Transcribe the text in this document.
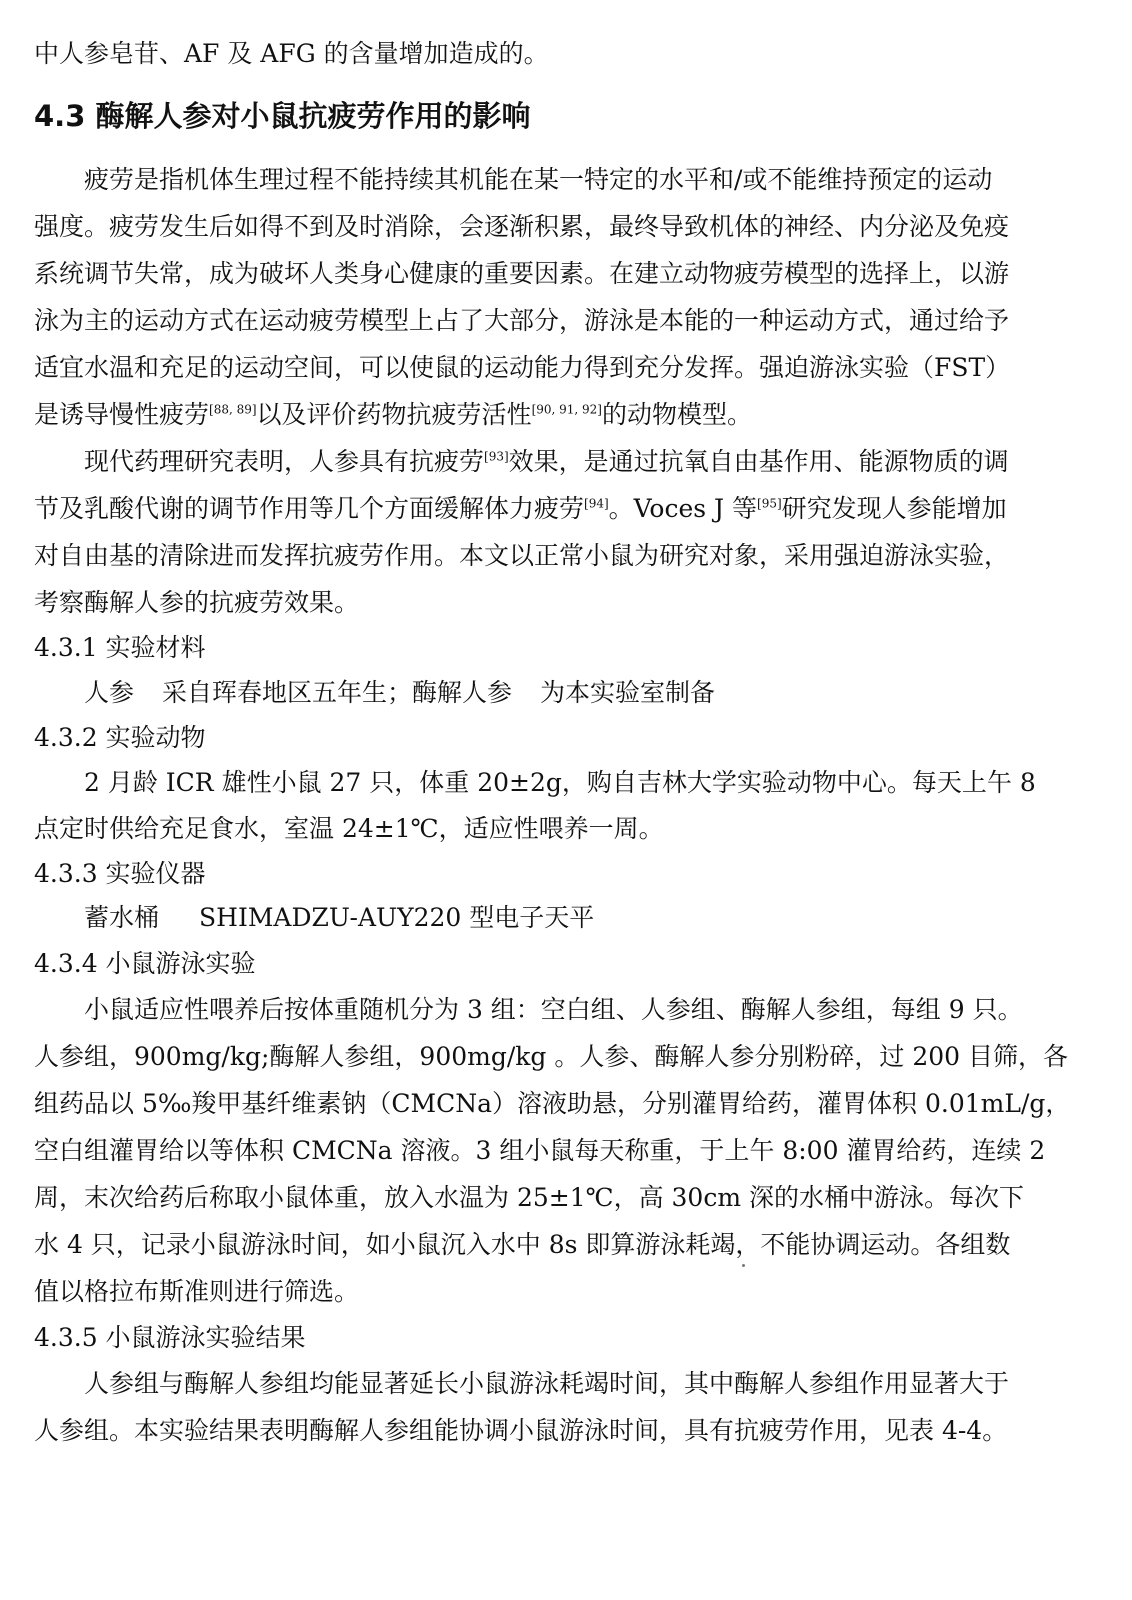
中人参皂苷、AF 及 AFG 的含量增加造成的。
4.3 酶解人参对小鼠抗疲劳作用的影响
疲劳是指机体生理过程不能持续其机能在某一特定的水平和/或不能维持预定的运动
强度。疲劳发生后如得不到及时消除，会逐渐积累，最终导致机体的神经、内分泌及免疫
系统调节失常，成为破坏人类身心健康的重要因素。在建立动物疲劳模型的选择上，以游
泳为主的运动方式在运动疲劳模型上占了大部分，游泳是本能的一种运动方式，通过给予
适宜水温和充足的运动空间，可以使鼠的运动能力得到充分发挥。强迫游泳实验（FST）
是诱导慢性疲劳[88, 89]以及评价药物抗疲劳活性[90, 91, 92]的动物模型。
现代药理研究表明，人参具有抗疲劳[93]效果，是通过抗氧自由基作用、能源物质的调
节及乳酸代谢的调节作用等几个方面缓解体力疲劳[94]。Voces J 等[95]研究发现人参能增加
对自由基的清除进而发挥抗疲劳作用。本文以正常小鼠为研究对象，采用强迫游泳实验，
考察酶解人参的抗疲劳效果。
4.3.1 实验材料
人参 采自珲春地区五年生；酶解人参 为本实验室制备
4.3.2 实验动物
2 月龄 ICR 雄性小鼠 27 只，体重 20±2g，购自吉林大学实验动物中心。每天上午 8
点定时供给充足食水，室温 24±1℃，适应性喂养一周。
4.3.3 实验仪器
蓄水桶 SHIMADZU-AUY220 型电子天平
4.3.4 小鼠游泳实验
小鼠适应性喂养后按体重随机分为 3 组：空白组、人参组、酶解人参组，每组 9 只。
人参组，900mg/kg;酶解人参组，900mg/kg 。人参、酶解人参分别粉碎，过 200 目筛，各
组药品以 5‰羧甲基纤维素钠（CMCNa）溶液助悬，分别灌胃给药，灌胃体积 0.01mL/g，
空白组灌胃给以等体积 CMCNa 溶液。3 组小鼠每天称重，于上午 8:00 灌胃给药，连续 2
周，末次给药后称取小鼠体重，放入水温为 25±1℃，高 30cm 深的水桶中游泳。每次下
水 4 只，记录小鼠游泳时间，如小鼠沉入水中 8s 即算游泳耗竭，不能协调运动。各组数
值以格拉布斯准则进行筛选。
4.3.5 小鼠游泳实验结果
人参组与酶解人参组均能显著延长小鼠游泳耗竭时间，其中酶解人参组作用显著大于
人参组。本实验结果表明酶解人参组能协调小鼠游泳时间，具有抗疲劳作用，见表 4-4。
